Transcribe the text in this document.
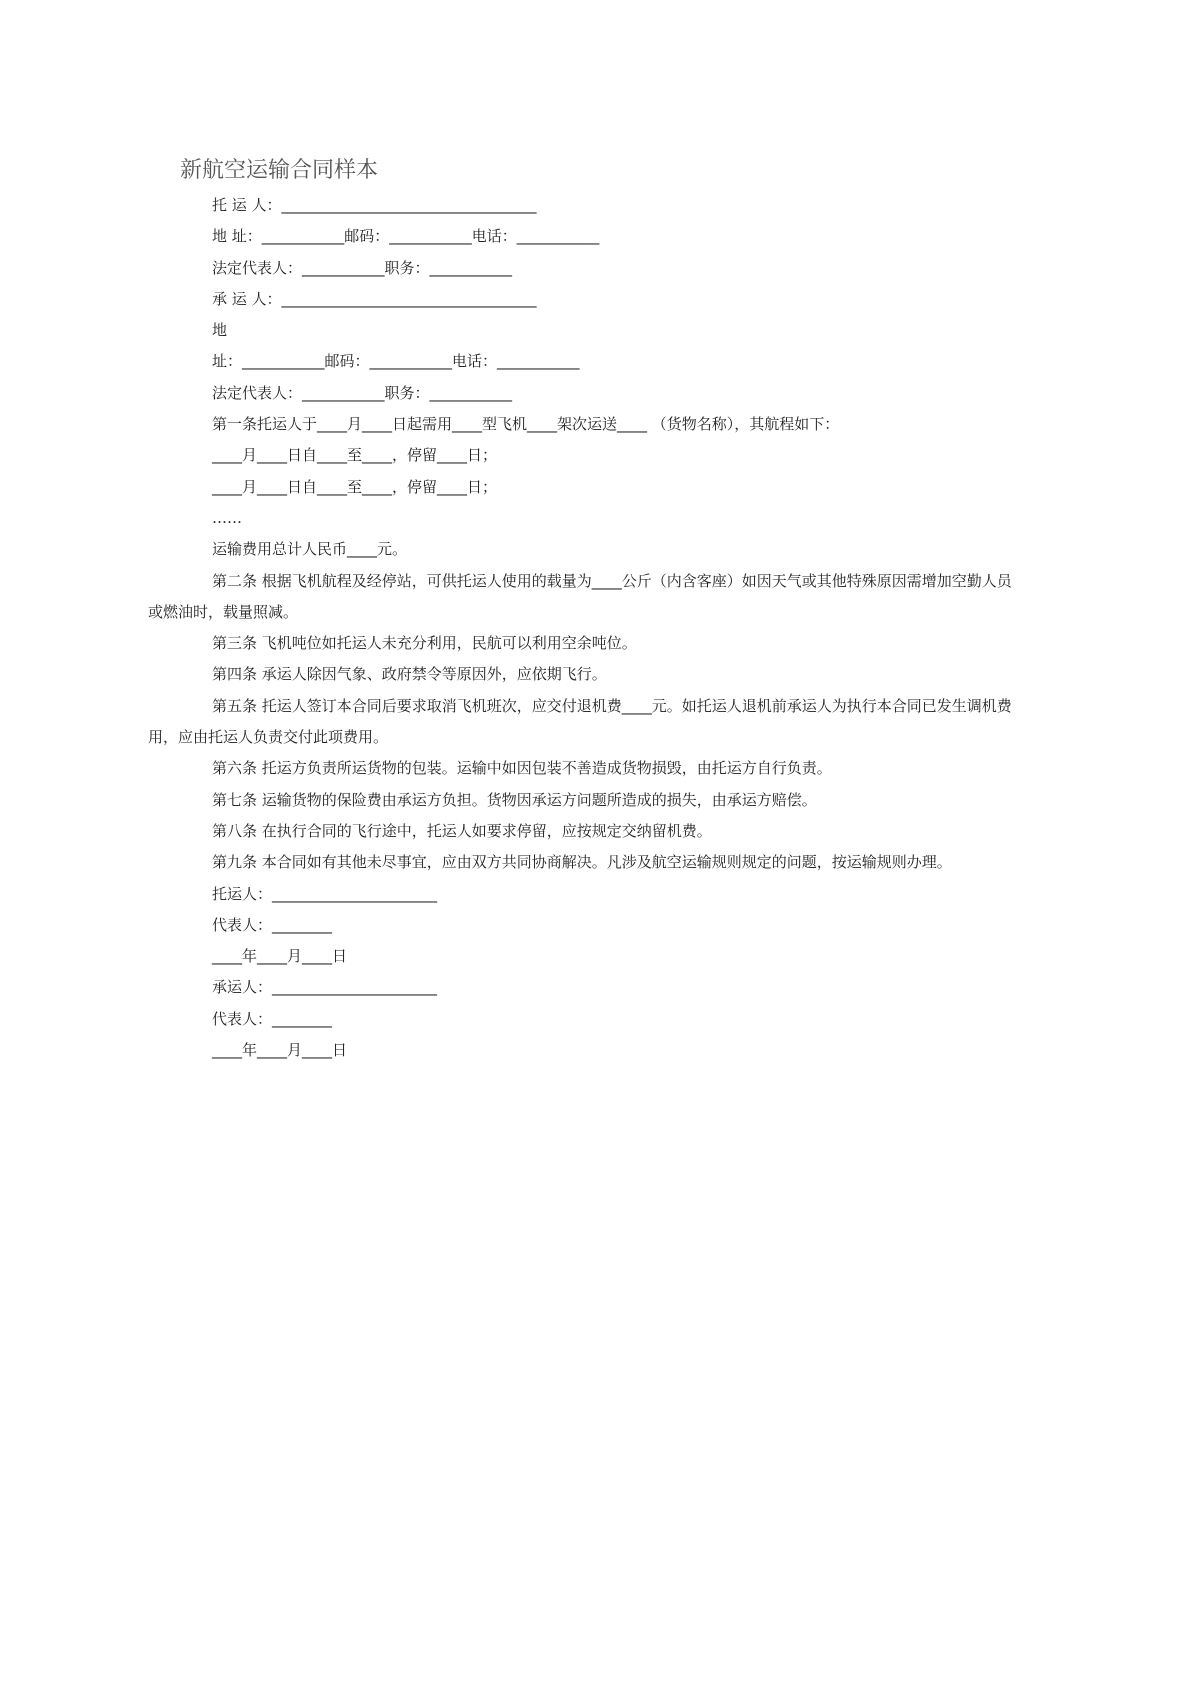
新航空运输合同样本
托 运 人：__________________________________
地 址：___________邮码：___________电话：___________
法定代表人：___________职务：___________
承 运 人：__________________________________
地
址：___________邮码：___________电话：___________
法定代表人：___________职务：___________
第一条托运人于____月____日起需用____型飞机____架次运送____ （货物名称），其航程如下：
____月____日自____至____，停留____日；
____月____日自____至____，停留____日；
……
运输费用总计人民币____元。
第二条 根据飞机航程及经停站，可供托运人使用的载量为____公斤（内含客座）如因天气或其他特殊原因需增加空勤人员或燃油时，载量照减。
第三条 飞机吨位如托运人未充分利用，民航可以利用空余吨位。
第四条 承运人除因气象、政府禁令等原因外，应依期飞行。
第五条 托运人签订本合同后要求取消飞机班次，应交付退机费____元。如托运人退机前承运人为执行本合同已发生调机费用，应由托运人负责交付此项费用。
第六条 托运方负责所运货物的包装。运输中如因包装不善造成货物损毁，由托运方自行负责。
第七条 运输货物的保险费由承运方负担。货物因承运方问题所造成的损失，由承运方赔偿。
第八条 在执行合同的飞行途中，托运人如要求停留，应按规定交纳留机费。
第九条 本合同如有其他未尽事宜，应由双方共同协商解决。凡涉及航空运输规则规定的问题，按运输规则办理。
托运人：______________________
代表人：________
____年____月____日
承运人：______________________
代表人：________
____年____月____日
